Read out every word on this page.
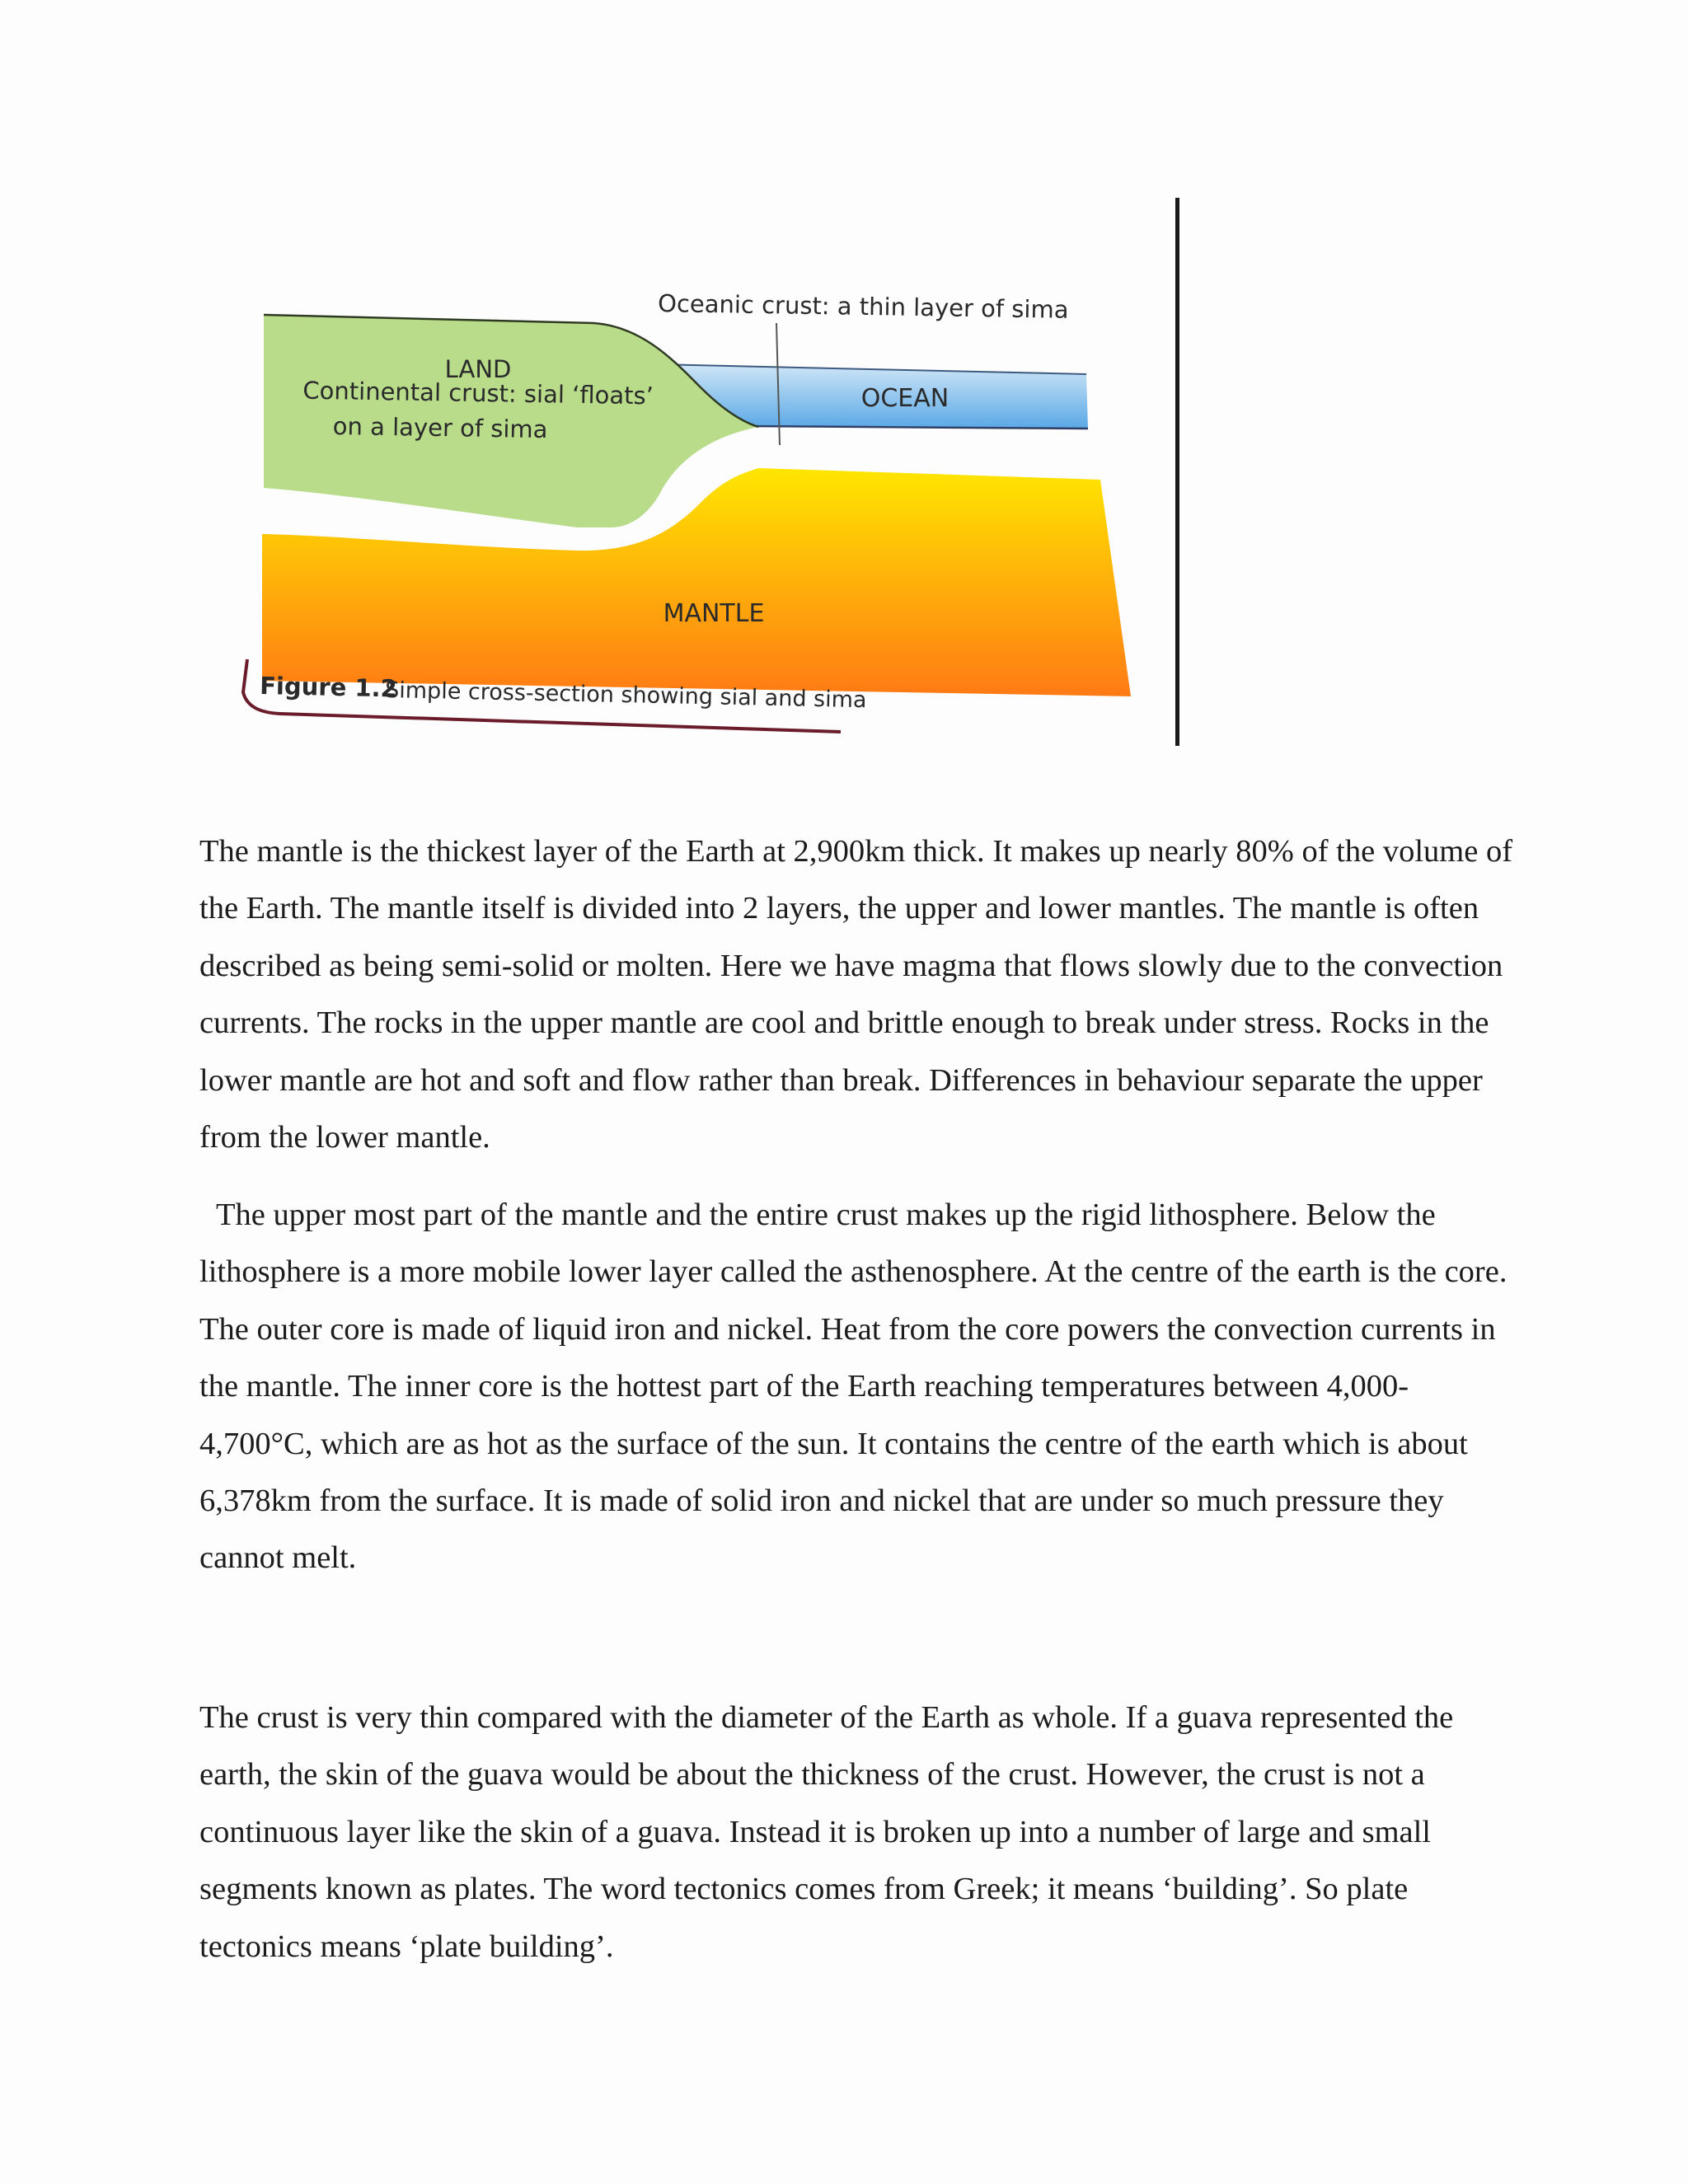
Oceanic crust: a thin layer of sima
LAND
Continental crust: sial ‘floats’
on a layer of sima
OCEAN
MANTLE
Figure 1.2
Simple cross-section showing sial and sima

The mantle is the thickest layer of the Earth at 2,900km thick. It makes up nearly 80% of the volume of the Earth. The mantle itself is divided into 2 layers, the upper and lower mantles. The mantle is often described as being semi-solid or molten. Here we have magma that flows slowly due to the convection currents. The rocks in the upper mantle are cool and brittle enough to break under stress. Rocks in the lower mantle are hot and soft and flow rather than break. Differences in behaviour separate the upper from the lower mantle.

The upper most part of the mantle and the entire crust makes up the rigid lithosphere. Below the lithosphere is a more mobile lower layer called the asthenosphere. At the centre of the earth is the core. The outer core is made of liquid iron and nickel. Heat from the core powers the convection currents in the mantle. The inner core is the hottest part of the Earth reaching temperatures between 4,000-4,700°C, which are as hot as the surface of the sun. It contains the centre of the earth which is about 6,378km from the surface. It is made of solid iron and nickel that are under so much pressure they cannot melt.

The crust is very thin compared with the diameter of the Earth as whole. If a guava represented the earth, the skin of the guava would be about the thickness of the crust. However, the crust is not a continuous layer like the skin of a guava. Instead it is broken up into a number of large and small segments known as plates. The word tectonics comes from Greek; it means ‘building’. So plate tectonics means ‘plate building’.
